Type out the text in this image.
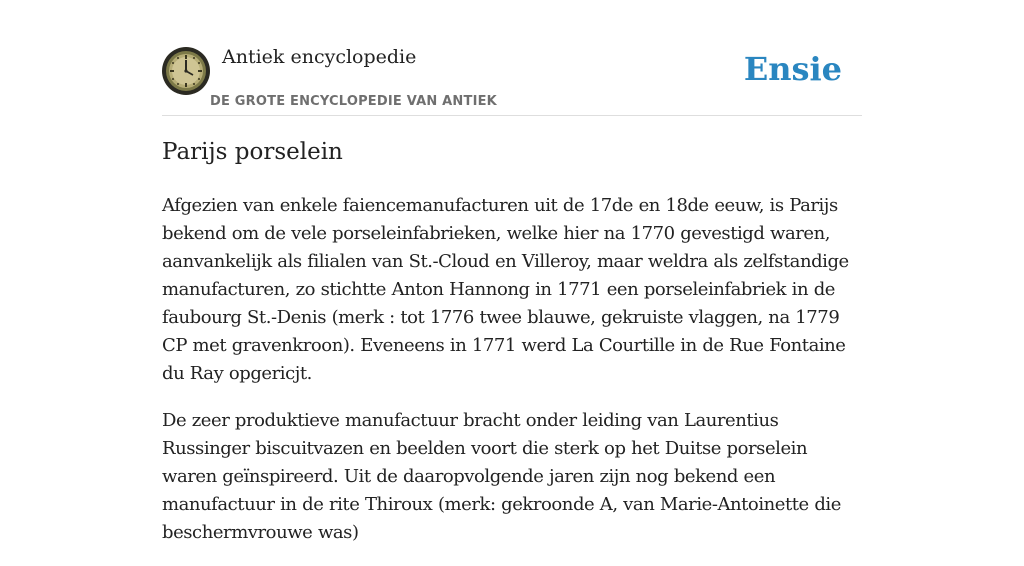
Antiek encyclopedie
DE GROTE ENCYCLOPEDIE VAN ANTIEK
Ensie
Parijs porselein

Afgezien van enkele faiencemanufacturen uit de 17de en 18de eeuw, is Parijs bekend om de vele porseleinfabrieken, welke hier na 1770 gevestigd waren, aanvankelijk als filialen van St.-Cloud en Villeroy, maar weldra als zelfstandige manufacturen, zo stichtte Anton Hannong in 1771 een porseleinfabriek in de faubourg St.-Denis (merk : tot 1776 twee blauwe, gekruiste vlaggen, na 1779 CP met gravenkroon). Eveneens in 1771 werd La Courtille in de Rue Fontaine du Ray opgericjt.

De zeer produktieve manufactuur bracht onder leiding van Laurentius Russinger biscuitvazen en beelden voort die sterk op het Duitse porselein waren geïnspireerd. Uit de daaropvolgende jaren zijn nog bekend een manufactuur in de rite Thiroux (merk: gekroonde A, van Marie-Antoinette die beschermvrouwe was)
